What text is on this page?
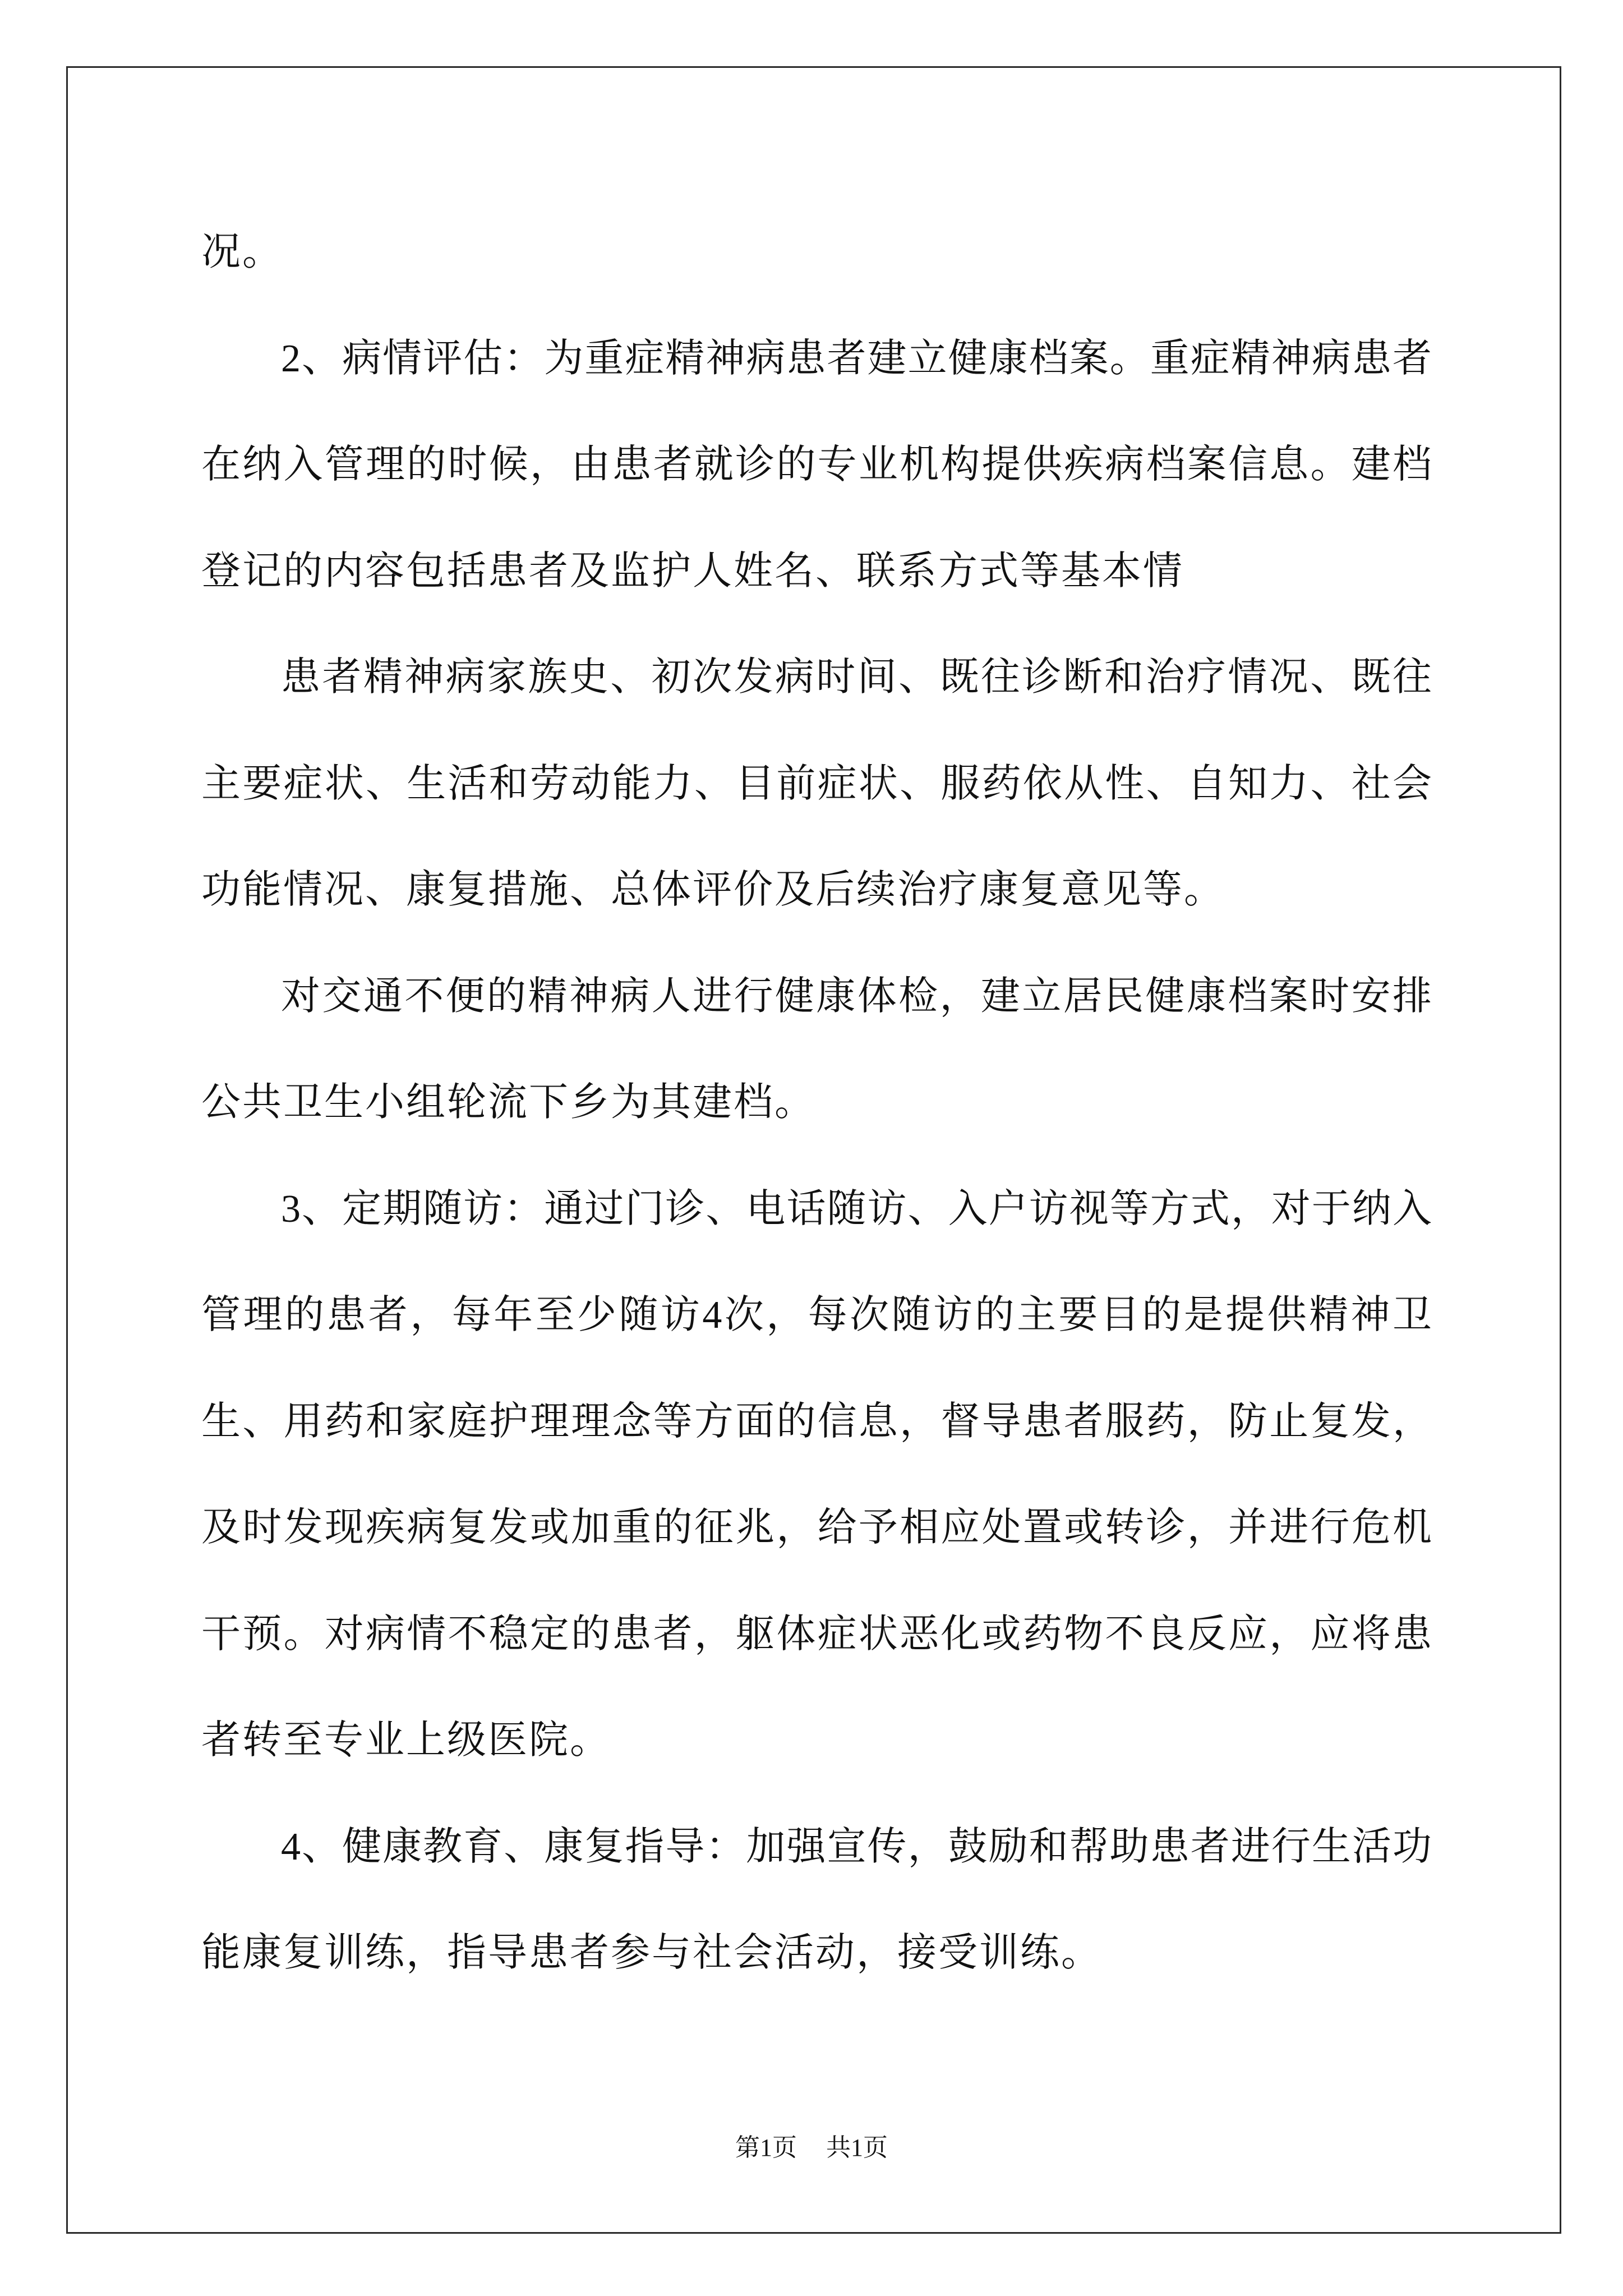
况。
2、病情评估：为重症精神病患者建立健康档案。重症精神病患者
在纳入管理的时候，由患者就诊的专业机构提供疾病档案信息。建档
登记的内容包括患者及监护人姓名、联系方式等基本情
患者精神病家族史、初次发病时间、既往诊断和治疗情况、既往
主要症状、生活和劳动能力、目前症状、服药依从性、自知力、社会
功能情况、康复措施、总体评价及后续治疗康复意见等。
对交通不便的精神病人进行健康体检，建立居民健康档案时安排
公共卫生小组轮流下乡为其建档。
3、定期随访：通过门诊、电话随访、入户访视等方式，对于纳入
管理的患者，每年至少随访4次，每次随访的主要目的是提供精神卫
生、用药和家庭护理理念等方面的信息，督导患者服药，防止复发，
及时发现疾病复发或加重的征兆，给予相应处置或转诊，并进行危机
干预。对病情不稳定的患者，躯体症状恶化或药物不良反应，应将患
者转至专业上级医院。
4、健康教育、康复指导：加强宣传，鼓励和帮助患者进行生活功
能康复训练，指导患者参与社会活动，接受训练。
第1页 共1页
